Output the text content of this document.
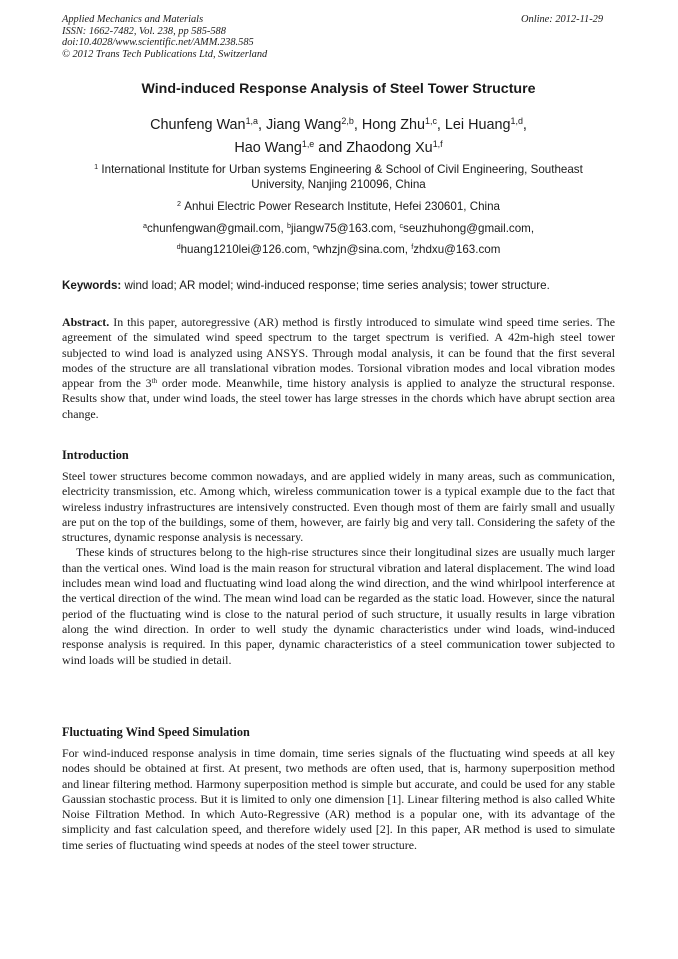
Applied Mechanics and Materials
ISSN: 1662-7482, Vol. 238, pp 585-588
doi:10.4028/www.scientific.net/AMM.238.585
© 2012 Trans Tech Publications Ltd, Switzerland
Online: 2012-11-29
Wind-induced Response Analysis of Steel Tower Structure
Chunfeng Wan$^{1,a}$, Jiang Wang$^{2,b}$, Hong Zhu$^{1,c}$, Lei Huang$^{1,d}$,
Hao Wang$^{1,e}$ and Zhaodong Xu$^{1,f}$
$^1$ International Institute for Urban systems Engineering & School of Civil Engineering, Southeast
University, Nanjing 210096, China
$^2$ Anhui Electric Power Research Institute, Hefei 230601, China
$^a$chunfengwan@gmail.com, $^b$jiangw75@163.com, $^c$seuzhuhong@gmail.com,
$^d$huang1210lei@126.com, $^e$whzjn@sina.com, $^f$zhdxu@163.com
Keywords: wind load; AR model; wind-induced response; time series analysis; tower structure.

Abstract. In this paper, autoregressive (AR) method is firstly introduced to simulate wind speed time series. The agreement of the simulated wind speed spectrum to the target spectrum is verified. A 42m-high steel tower subjected to wind load is analyzed using ANSYS. Through modal analysis, it can be found that the first several modes of the structure are all translational vibration modes. Torsional vibration modes and local vibration modes appear from the 3th order mode. Meanwhile, time history analysis is applied to analyze the structural response. Results show that, under wind loads, the steel tower has large stresses in the chords which have abrupt section area change.

Introduction

Steel tower structures become common nowadays, and are applied widely in many areas, such as communication, electricity transmission, etc. Among which, wireless communication tower is a typical example due to the fact that wireless industry infrastructures are intensively constructed. Even though most of them are fairly small and usually are put on the top of the buildings, some of them, however, are fairly big and very tall. Considering the safety of the structures, dynamic response analysis is necessary.

These kinds of structures belong to the high-rise structures since their longitudinal sizes are usually much larger than the vertical ones. Wind load is the main reason for structural vibration and lateral displacement. The wind load includes mean wind load and fluctuating wind load along the wind direction, and the wind whirlpool interference at the vertical direction of the wind. The mean wind load can be regarded as the static load. However, since the natural period of the fluctuating wind is close to the natural period of such structure, it usually results in large vibration along the wind direction. In order to well study the dynamic characteristics under wind loads, wind-induced response analysis is required. In this paper, dynamic characteristics of a steel communication tower subjected to wind loads will be studied in detail.

Fluctuating Wind Speed Simulation

For wind-induced response analysis in time domain, time series signals of the fluctuating wind speeds at all key nodes should be obtained at first. At present, two methods are often used, that is, harmony superposition method and linear filtering method. Harmony superposition method is simple but accurate, and could be used for any stable Gaussian stochastic process. But it is limited to only one dimension [1]. Linear filtering method is also called White Noise Filtration Method. In which Auto-Regressive (AR) method is a popular one, with its advantage of the simplicity and fast calculation speed, and therefore widely used [2]. In this paper, AR method is used to simulate time series of fluctuating wind speeds at nodes of the steel tower structure.
